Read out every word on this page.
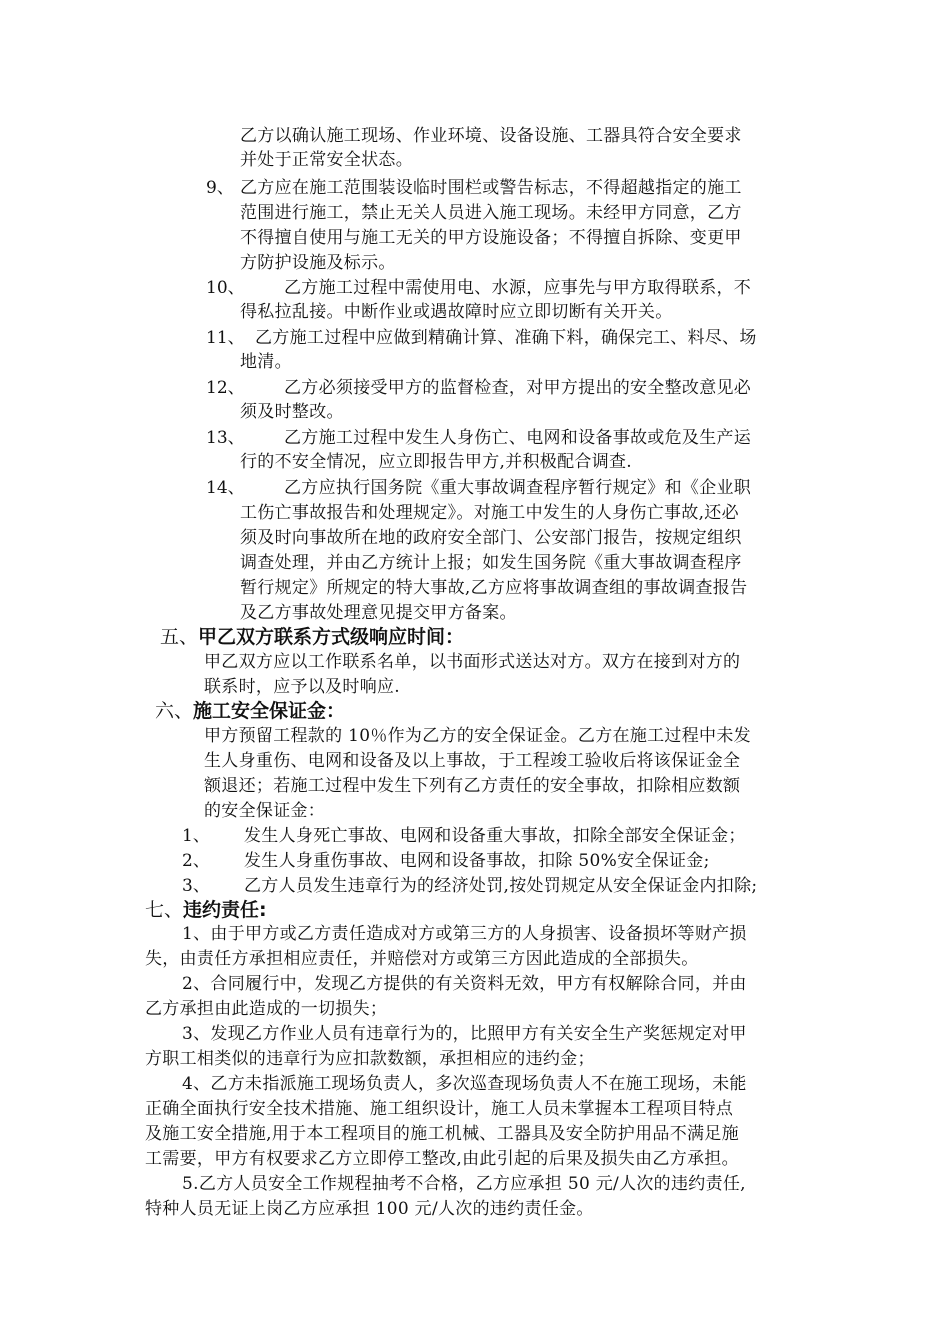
乙方以确认施工现场、作业环境、设备设施、工器具符合安全要求
并处于正常安全状态。
9、 乙方应在施工范围装设临时围栏或警告标志，不得超越指定的施工
范围进行施工，禁止无关人员进入施工现场。未经甲方同意，乙方
不得擅自使用与施工无关的甲方设施设备；不得擅自拆除、变更甲
方防护设施及标示。
10、 乙方施工过程中需使用电、水源，应事先与甲方取得联系，不
得私拉乱接。中断作业或遇故障时应立即切断有关开关。
11、 乙方施工过程中应做到精确计算、准确下料，确保完工、料尽、场
地清。
12、 乙方必须接受甲方的监督检查，对甲方提出的安全整改意见必
须及时整改。
13、 乙方施工过程中发生人身伤亡、电网和设备事故或危及生产运
行的不安全情况，应立即报告甲方,并积极配合调查.
14、 乙方应执行国务院《重大事故调查程序暂行规定》和《企业职
工伤亡事故报告和处理规定》。对施工中发生的人身伤亡事故,还必
须及时向事故所在地的政府安全部门、公安部门报告，按规定组织
调查处理，并由乙方统计上报；如发生国务院《重大事故调查程序
暂行规定》所规定的特大事故,乙方应将事故调查组的事故调查报告
及乙方事故处理意见提交甲方备案。
五、甲乙双方联系方式级响应时间：
甲乙双方应以工作联系名单，以书面形式送达对方。双方在接到对方的
联系时，应予以及时响应.
六、施工安全保证金：
甲方预留工程款的 10％作为乙方的安全保证金。乙方在施工过程中未发
生人身重伤、电网和设备及以上事故，于工程竣工验收后将该保证金全
额退还；若施工过程中发生下列有乙方责任的安全事故，扣除相应数额
的安全保证金：
1、 发生人身死亡事故、电网和设备重大事故，扣除全部安全保证金；
2、 发生人身重伤事故、电网和设备事故，扣除 50%安全保证金;
3、 乙方人员发生违章行为的经济处罚,按处罚规定从安全保证金内扣除;
七、违约责任:
1、由于甲方或乙方责任造成对方或第三方的人身损害、设备损坏等财产损
失，由责任方承担相应责任，并赔偿对方或第三方因此造成的全部损失。
2、合同履行中，发现乙方提供的有关资料无效，甲方有权解除合同，并由
乙方承担由此造成的一切损失；
3、发现乙方作业人员有违章行为的，比照甲方有关安全生产奖惩规定对甲
方职工相类似的违章行为应扣款数额，承担相应的违约金；
4、乙方未指派施工现场负责人，多次巡查现场负责人不在施工现场，未能
正确全面执行安全技术措施、施工组织设计，施工人员未掌握本工程项目特点
及施工安全措施,用于本工程项目的施工机械、工器具及安全防护用品不满足施
工需要，甲方有权要求乙方立即停工整改,由此引起的后果及损失由乙方承担。
5.乙方人员安全工作规程抽考不合格，乙方应承担 50 元/人次的违约责任,
特种人员无证上岗乙方应承担 100 元/人次的违约责任金。
